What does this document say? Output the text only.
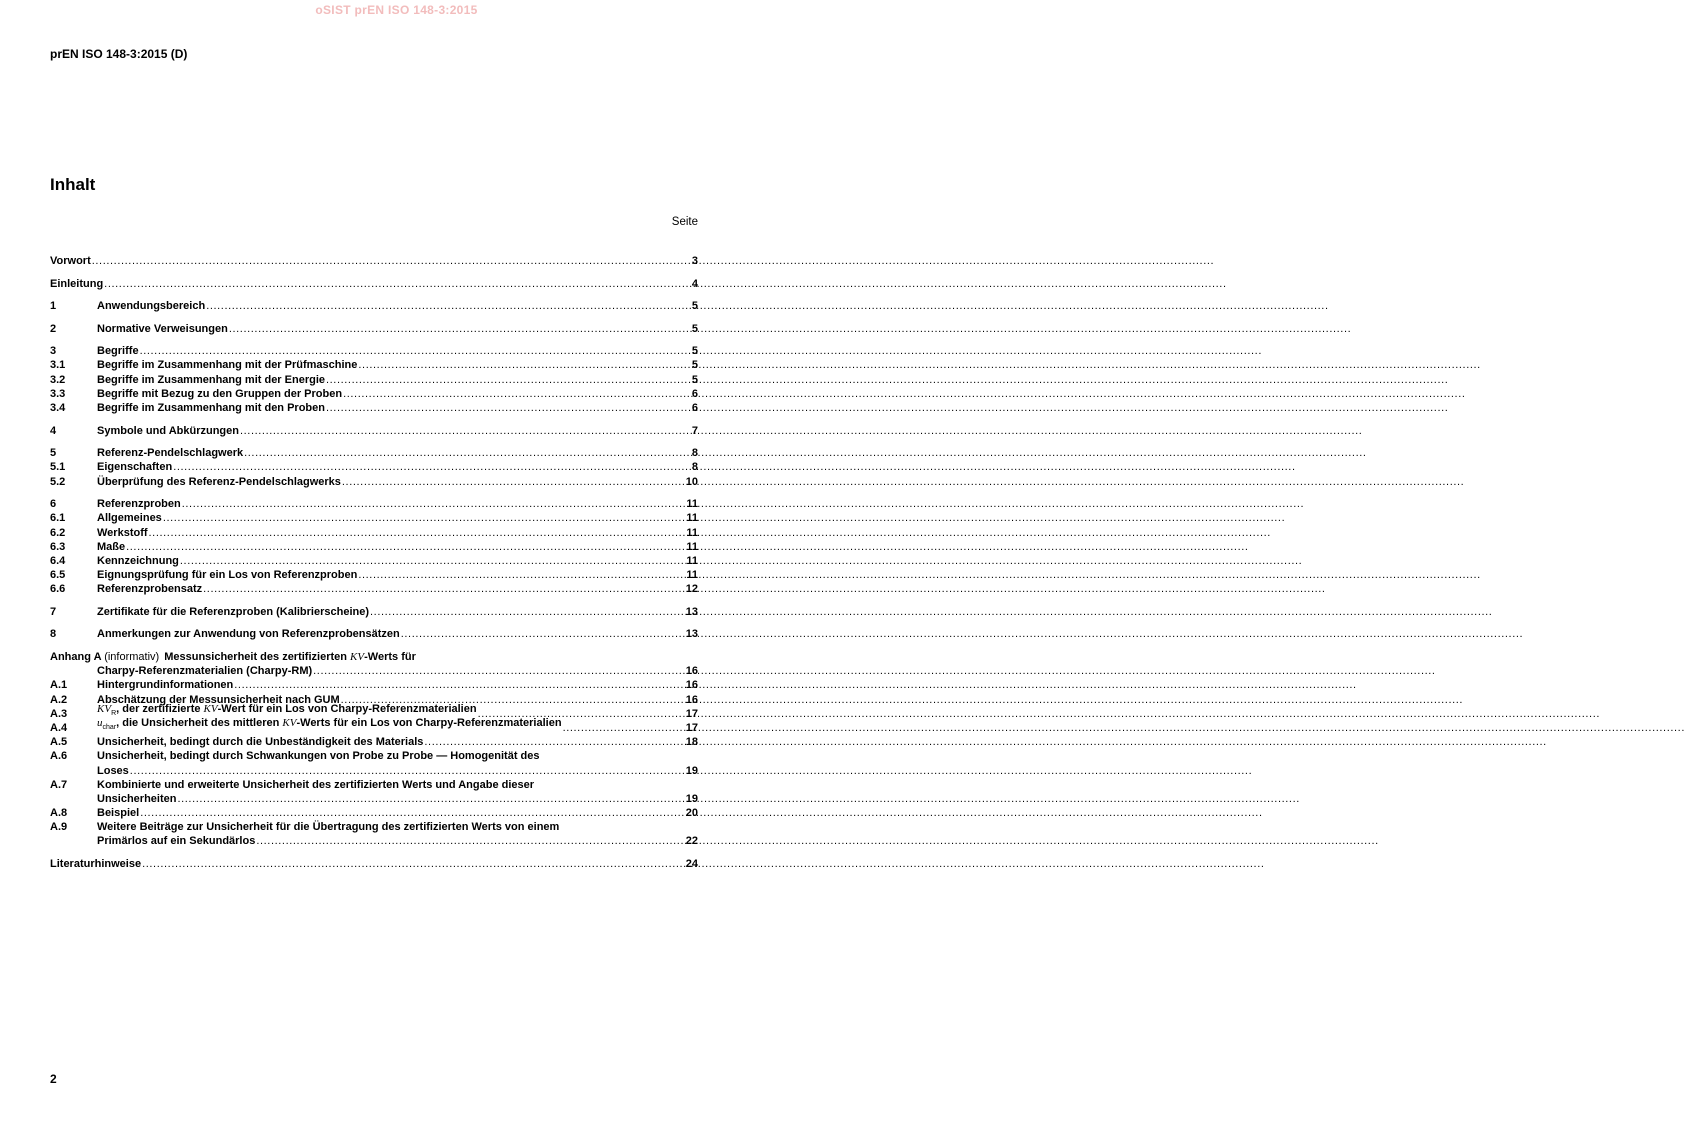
oSIST prEN ISO 148-3:2015
prEN ISO 148-3:2015 (D)
Inhalt
Seite
Vorwort .....	3
Einleitung .....	4
1	Anwendungsbereich .....	5
2	Normative Verweisungen .....	5
3	Begriffe .....	5
3.1	Begriffe im Zusammenhang mit der Prüfmaschine .....	5
3.2	Begriffe im Zusammenhang mit der Energie .....	5
3.3	Begriffe mit Bezug zu den Gruppen der Proben .....	6
3.4	Begriffe im Zusammenhang mit den Proben .....	6
4	Symbole und Abkürzungen .....	7
5	Referenz-Pendelschlagwerk .....	8
5.1	Eigenschaften .....	8
5.2	Überprüfung des Referenz-Pendelschlagwerks .....	10
6	Referenzproben .....	11
6.1	Allgemeines .....	11
6.2	Werkstoff .....	11
6.3	Maße .....	11
6.4	Kennzeichnung .....	11
6.5	Eignungsprüfung für ein Los von Referenzproben .....	11
6.6	Referenzprobensatz .....	12
7	Zertifikate für die Referenzproben (Kalibrierscheine) .....	13
8	Anmerkungen zur Anwendung von Referenzprobensätzen .....	13
Anhang A (informativ) Messunsicherheit des zertifizierten KV-Werts für
Charpy-Referenzmaterialien (Charpy-RM) .....	16
A.1	Hintergrundinformationen .....	16
A.2	Abschätzung der Messunsicherheit nach GUM .....	16
A.3	$KV_R$, der zertifizierte KV-Wert für ein Los von Charpy-Referenzmaterialien .....	17
A.4	$u_{char}$, die Unsicherheit des mittleren KV-Werts für ein Los von Charpy-Referenzmaterialien .....	17
A.5	Unsicherheit, bedingt durch die Unbeständigkeit des Materials .....	18
A.6	Unsicherheit, bedingt durch Schwankungen von Probe zu Probe — Homogenität des
Loses .....	19
A.7	Kombinierte und erweiterte Unsicherheit des zertifizierten Werts und Angabe dieser
Unsicherheiten .....	19
A.8	Beispiel .....	20
A.9	Weitere Beiträge zur Unsicherheit für die Übertragung des zertifizierten Werts von einem
Primärlos auf ein Sekundärlos .....	22
Literaturhinweise .....	24
2
